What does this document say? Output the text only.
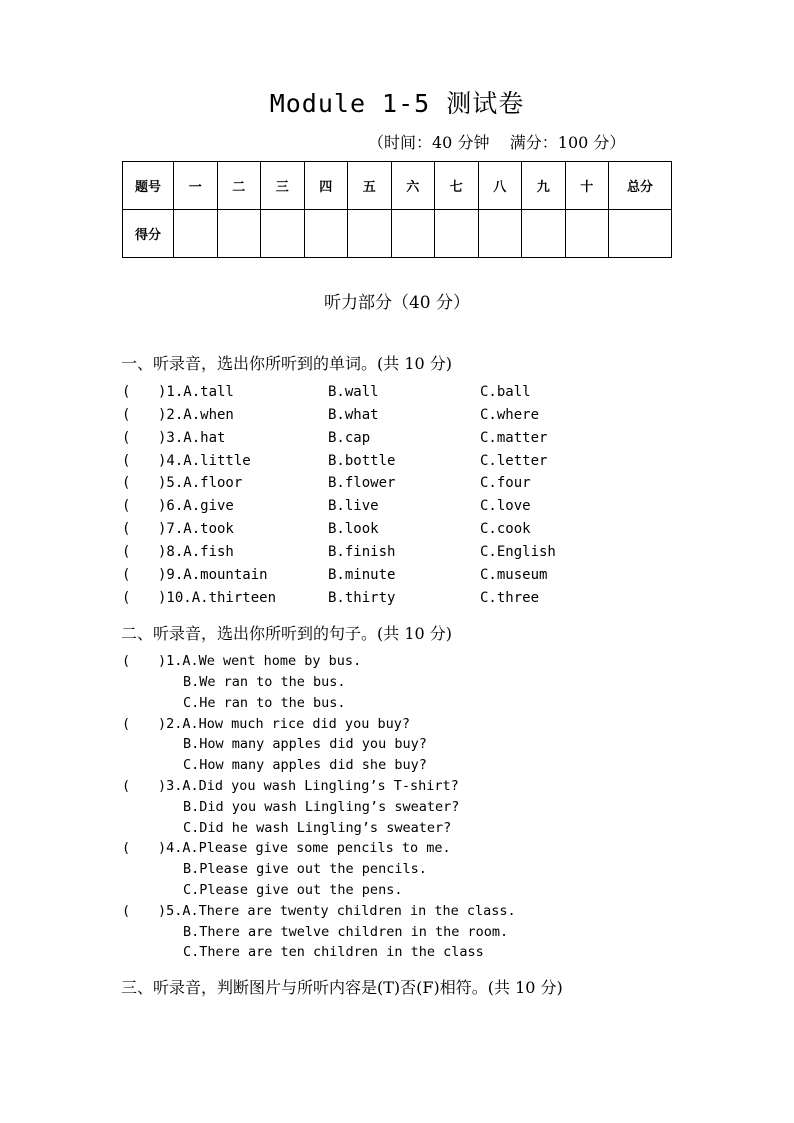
Module 1-5 测试卷
（时间：40 分钟    满分：100 分）
题号	一	二	三	四	五	六	七	八	九	十	总分
得分											
听力部分（40 分）
一、听录音，选出你所听到的单词。(共 10 分)
( )1.A.tall	B.wall	C.ball
( )2.A.when	B.what	C.where
( )3.A.hat	B.cap	C.matter
( )4.A.little	B.bottle	C.letter
( )5.A.floor	B.flower	C.four
( )6.A.give	B.live	C.love
( )7.A.took	B.look	C.cook
( )8.A.fish	B.finish	C.English
( )9.A.mountain	B.minute	C.museum
( )10.A.thirteen	B.thirty	C.three
二、听录音，选出你所听到的句子。(共 10 分)
( )1.A.We went home by bus.
B.We ran to the bus.
C.He ran to the bus.
( )2.A.How much rice did you buy?
B.How many apples did you buy?
C.How many apples did she buy?
( )3.A.Did you wash Lingling’s T-shirt?
B.Did you wash Lingling’s sweater?
C.Did he wash Lingling’s sweater?
( )4.A.Please give some pencils to me.
B.Please give out the pencils.
C.Please give out the pens.
( )5.A.There are twenty children in the class.
B.There are twelve children in the room.
C.There are ten children in the class
三、听录音，判断图片与所听内容是(T)否(F)相符。(共 10 分)
